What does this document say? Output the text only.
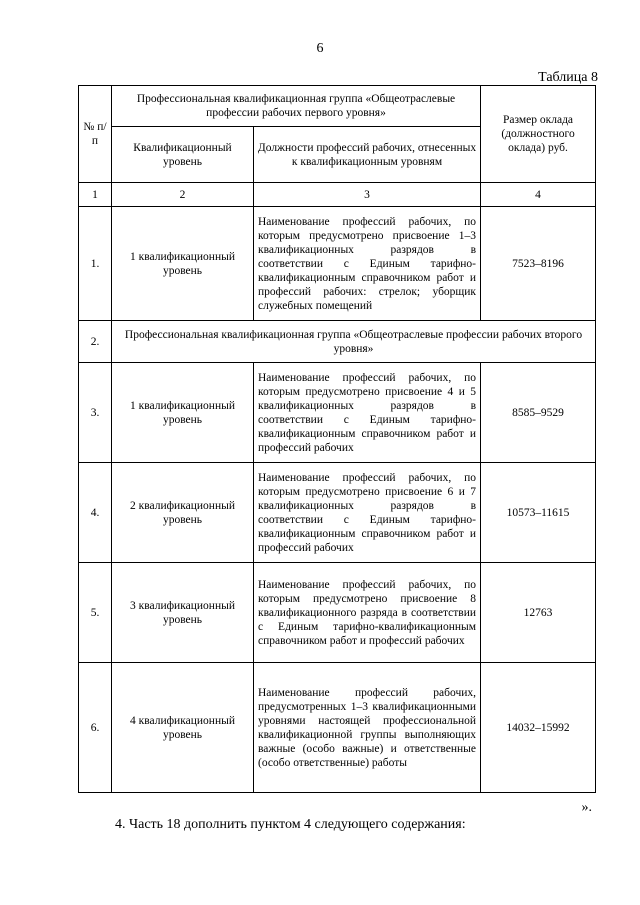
6
Таблица 8
№ п/п	Профессиональная квалификационная группа «Общеотраслевые профессии рабочих первого уровня»		Размер оклада (должностного оклада) руб.
	Квалификационный уровень	Должности профессий рабочих, отнесенных к квалификационным уровням	
1	2	3	4
1.	1 квалификационный уровень	Наименование профессий рабочих, по которым предусмотрено присвоение 1–3 квалификационных разрядов в соответствии с Единым тарифно-квалификационным справочником работ и профессий рабочих: стрелок; уборщик служебных помещений	7523–8196
2.	Профессиональная квалификационная группа «Общеотраслевые профессии рабочих второго уровня»		
3.	1 квалификационный уровень	Наименование профессий рабочих, по которым предусмотрено присвоение 4 и 5 квалификационных разрядов в соответствии с Единым тарифно-квалификационным справочником работ и профессий рабочих	8585–9529
4.	2 квалификационный уровень	Наименование профессий рабочих, по которым предусмотрено присвоение 6 и 7 квалификационных разрядов в соответствии с Единым тарифно-квалификационным справочником работ и профессий рабочих	10573–11615
5.	3 квалификационный уровень	Наименование профессий рабочих, по которым предусмотрено присвоение 8 квалификационного разряда в соответствии с Единым тарифно-квалификационным справочником работ и профессий рабочих	12763
6.	4 квалификационный уровень	Наименование профессий рабочих, предусмотренных 1–3 квалификационными уровнями настоящей профессиональной квалификационной группы выполняющих важные (особо важные) и ответственные (особо ответственные) работы	14032–15992
».
4. Часть 18 дополнить пунктом 4 следующего содержания:
